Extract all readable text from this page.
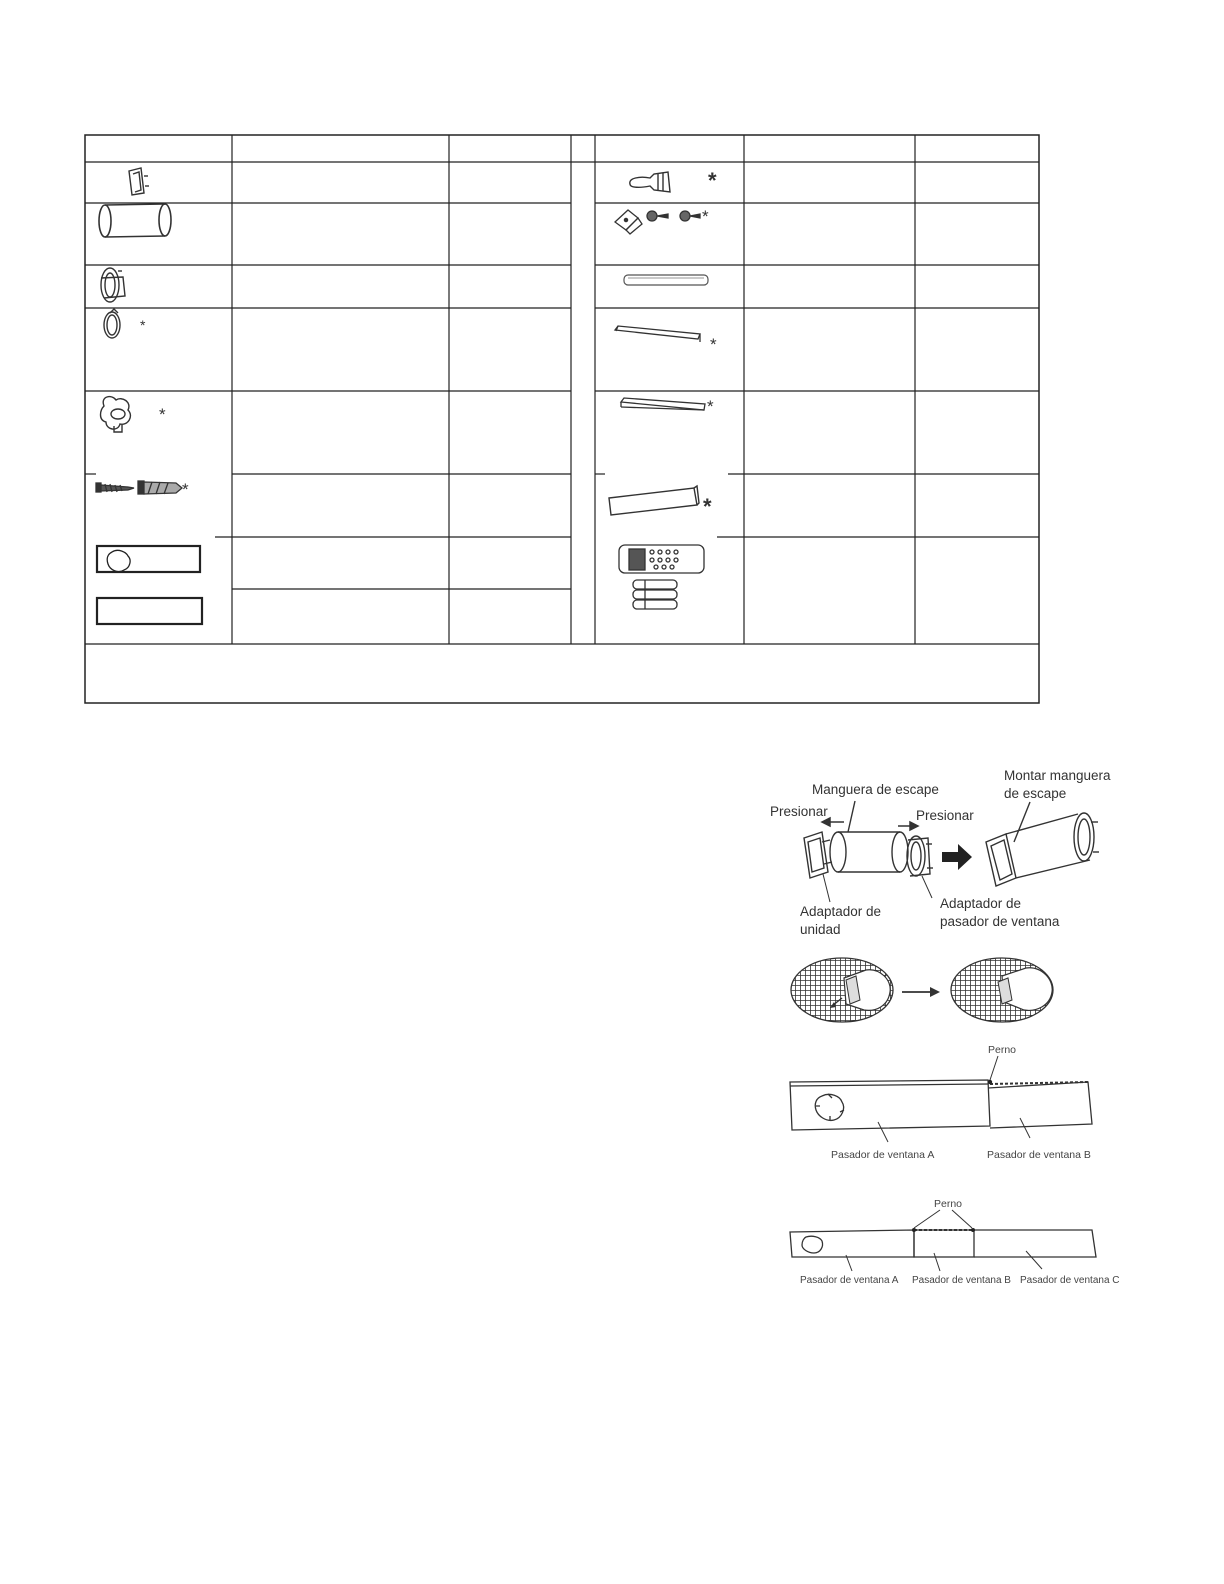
*
*
*
*
*
*
*
*
Manguera de escape
Montar manguera
de escape
Presionar	Presionar
Adaptador de
unidad
Adaptador de
pasador de ventana
Perno
Pasador de ventana A	Pasador de ventana B
Perno
Pasador de ventana A Pasador de ventana B Pasador de ventana C
